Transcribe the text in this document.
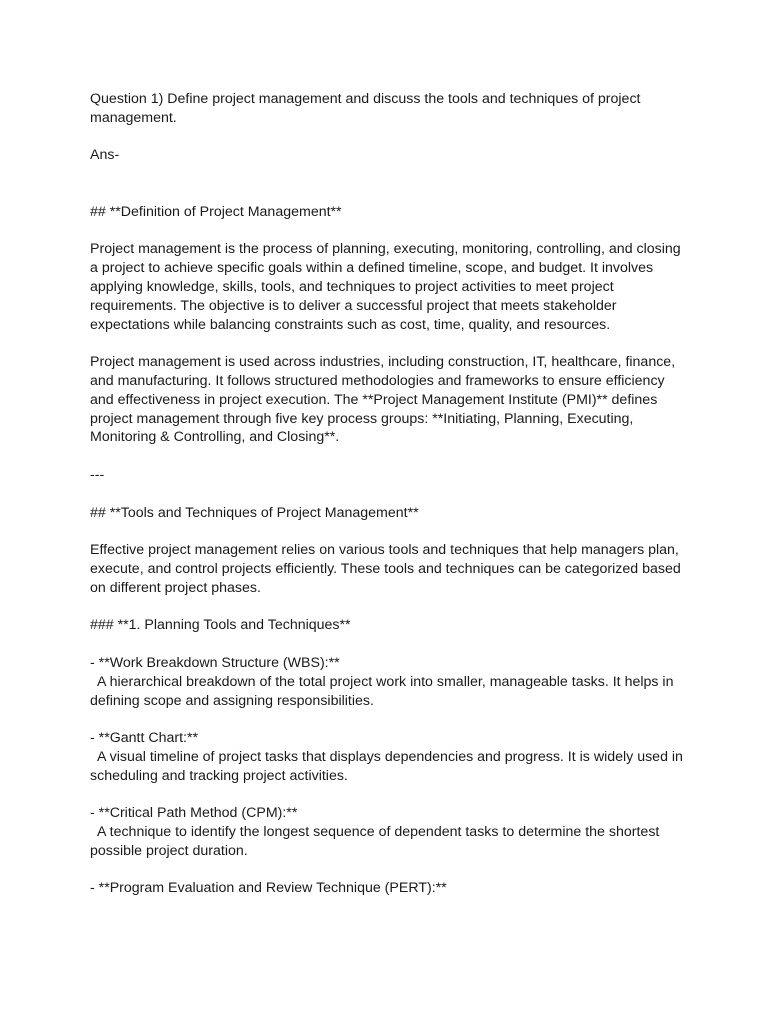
Question 1) Define project management and discuss the tools and techniques of project management.

Ans-

## **Definition of Project Management**

Project management is the process of planning, executing, monitoring, controlling, and closing a project to achieve specific goals within a defined timeline, scope, and budget. It involves applying knowledge, skills, tools, and techniques to project activities to meet project requirements. The objective is to deliver a successful project that meets stakeholder expectations while balancing constraints such as cost, time, quality, and resources.

Project management is used across industries, including construction, IT, healthcare, finance, and manufacturing. It follows structured methodologies and frameworks to ensure efficiency and effectiveness in project execution. The **Project Management Institute (PMI)** defines project management through five key process groups: **Initiating, Planning, Executing, Monitoring & Controlling, and Closing**.

---

## **Tools and Techniques of Project Management**

Effective project management relies on various tools and techniques that help managers plan, execute, and control projects efficiently. These tools and techniques can be categorized based on different project phases.

### **1. Planning Tools and Techniques**

- **Work Breakdown Structure (WBS):**
A hierarchical breakdown of the total project work into smaller, manageable tasks. It helps in defining scope and assigning responsibilities.
- **Gantt Chart:**
A visual timeline of project tasks that displays dependencies and progress. It is widely used in scheduling and tracking project activities.
- **Critical Path Method (CPM):**
A technique to identify the longest sequence of dependent tasks to determine the shortest possible project duration.
- **Program Evaluation and Review Technique (PERT):**
